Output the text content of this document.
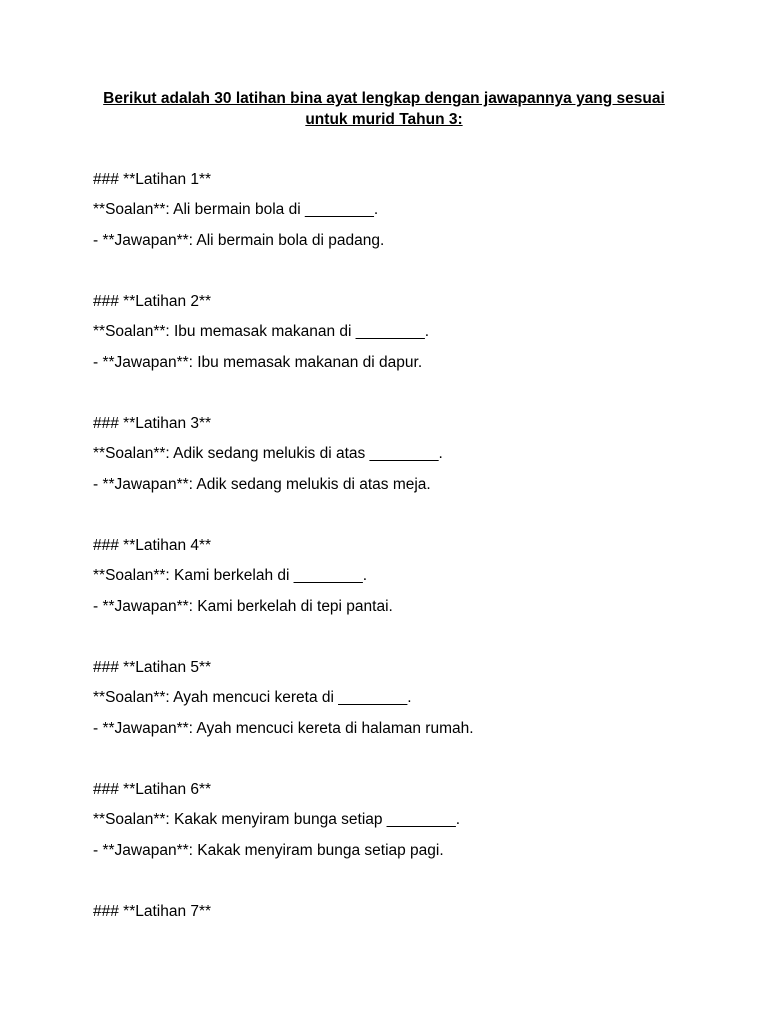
Berikut adalah 30 latihan bina ayat lengkap dengan jawapannya yang sesuai
untuk murid Tahun 3:
### **Latihan 1**
**Soalan**: Ali bermain bola di ________.
- **Jawapan**: Ali bermain bola di padang.
### **Latihan 2**
**Soalan**: Ibu memasak makanan di ________.
- **Jawapan**: Ibu memasak makanan di dapur.
### **Latihan 3**
**Soalan**: Adik sedang melukis di atas ________.
- **Jawapan**: Adik sedang melukis di atas meja.
### **Latihan 4**
**Soalan**: Kami berkelah di ________.
- **Jawapan**: Kami berkelah di tepi pantai.
### **Latihan 5**
**Soalan**: Ayah mencuci kereta di ________.
- **Jawapan**: Ayah mencuci kereta di halaman rumah.
### **Latihan 6**
**Soalan**: Kakak menyiram bunga setiap ________.
- **Jawapan**: Kakak menyiram bunga setiap pagi.
### **Latihan 7**
